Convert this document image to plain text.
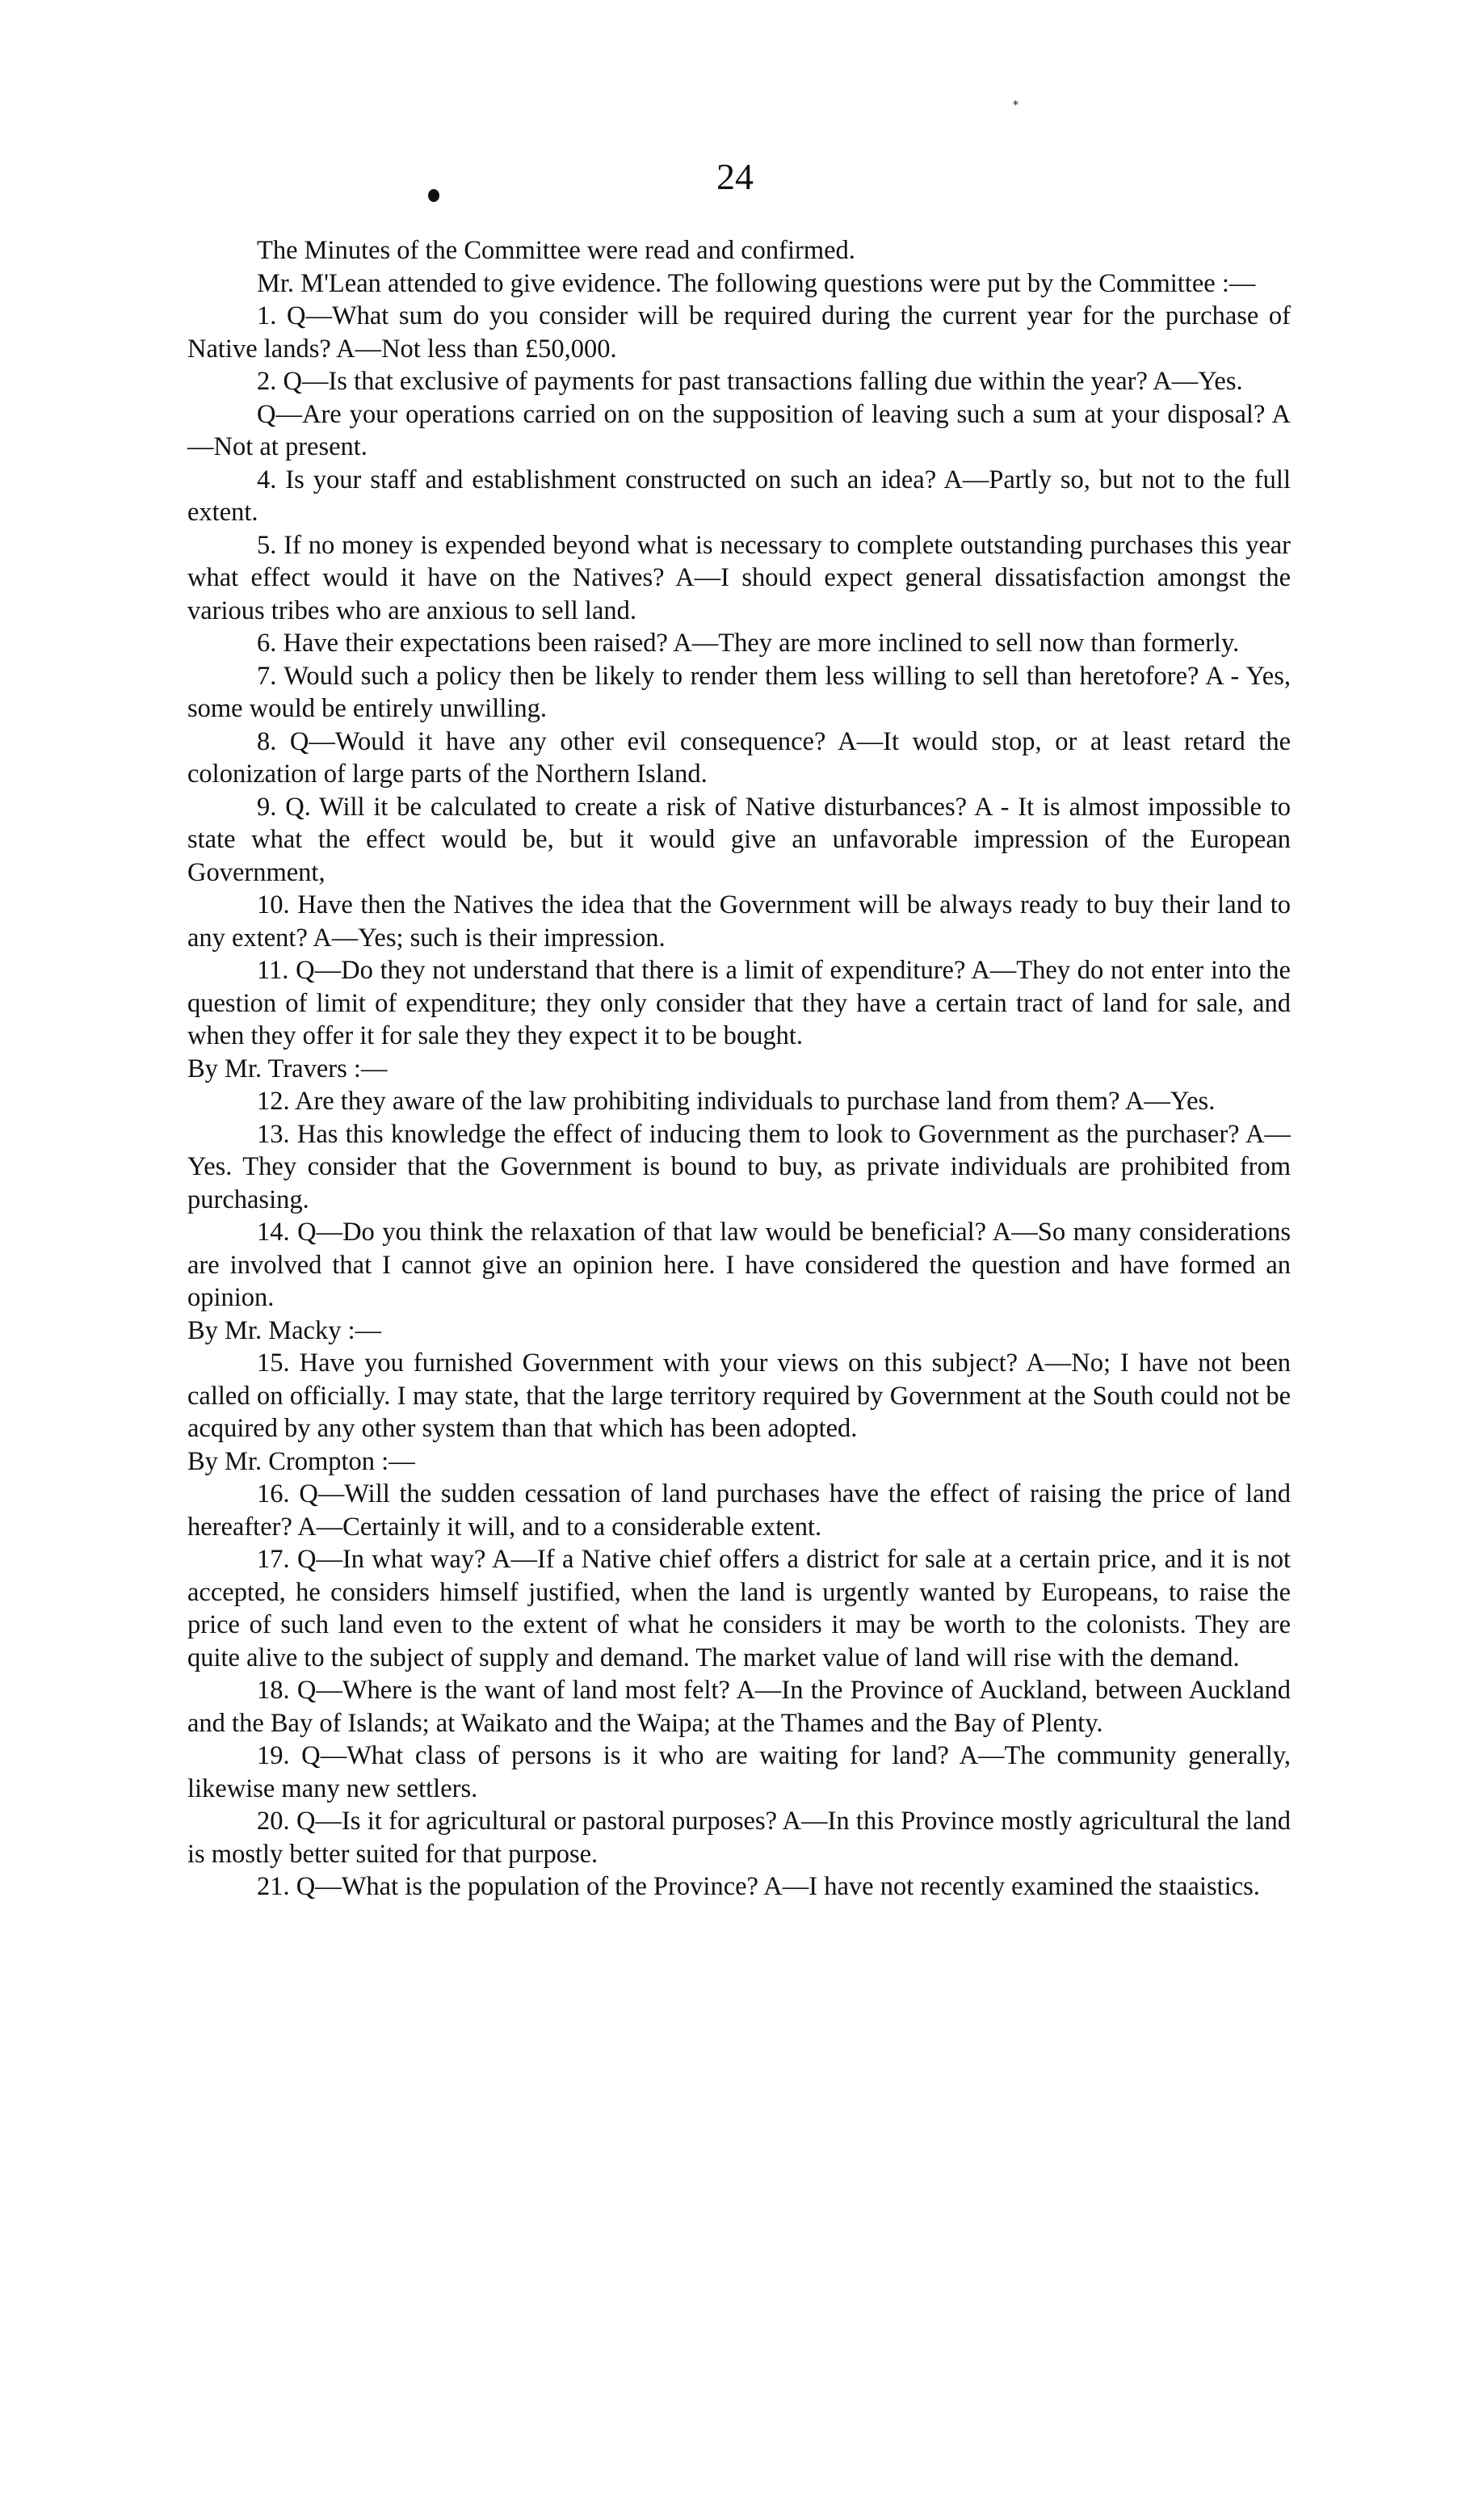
⁎
24

The Minutes of the Committee were read and confirmed.

Mr. M'Lean attended to give evidence. The following questions were put by the Committee :—

1. Q—What sum do you consider will be required during the current year for the purchase of Native lands? A—Not less than £50,000.

2. Q—Is that exclusive of payments for past transactions falling due within the year? A—Yes.

Q—Are your operations carried on on the supposition of leaving such a sum at your disposal? A—Not at present.

4. Is your staff and establishment constructed on such an idea? A—Partly so, but not to the full extent.

5. If no money is expended beyond what is necessary to complete outstanding purchases this year what effect would it have on the Natives? A—I should expect general dissatisfaction amongst the various tribes who are anxious to sell land.

6. Have their expectations been raised? A—They are more inclined to sell now than formerly.

7. Would such a policy then be likely to render them less willing to sell than heretofore? A - Yes, some would be entirely unwilling.

8. Q—Would it have any other evil consequence? A—It would stop, or at least retard the colonization of large parts of the Northern Island.

9. Q. Will it be calculated to create a risk of Native disturbances? A - It is almost impossible to state what the effect would be, but it would give an unfavorable impression of the European Government,

10. Have then the Natives the idea that the Government will be always ready to buy their land to any extent? A—Yes; such is their impression.

11. Q—Do they not understand that there is a limit of expenditure? A—They do not enter into the question of limit of expenditure; they only consider that they have a certain tract of land for sale, and when they offer it for sale they they expect it to be bought.

By Mr. Travers :—

12. Are they aware of the law prohibiting individuals to purchase land from them? A—Yes.

13. Has this knowledge the effect of inducing them to look to Government as the purchaser? A—Yes. They consider that the Government is bound to buy, as private individuals are prohibited from purchasing.

14. Q—Do you think the relaxation of that law would be beneficial? A—So many considerations are involved that I cannot give an opinion here. I have considered the question and have formed an opinion.

By Mr. Macky :—

15. Have you furnished Government with your views on this subject? A—No; I have not been called on officially. I may state, that the large territory required by Government at the South could not be acquired by any other system than that which has been adopted.

By Mr. Crompton :—

16. Q—Will the sudden cessation of land purchases have the effect of raising the price of land hereafter? A—Certainly it will, and to a considerable extent.

17. Q—In what way? A—If a Native chief offers a district for sale at a certain price, and it is not accepted, he considers himself justified, when the land is urgently wanted by Europeans, to raise the price of such land even to the extent of what he considers it may be worth to the colonists. They are quite alive to the subject of supply and demand. The market value of land will rise with the demand.

18. Q—Where is the want of land most felt? A—In the Province of Auckland, between Auckland and the Bay of Islands; at Waikato and the Waipa; at the Thames and the Bay of Plenty.

19. Q—What class of persons is it who are waiting for land? A—The community generally, likewise many new settlers.

20. Q—Is it for agricultural or pastoral purposes? A—In this Province mostly agricultural the land is mostly better suited for that purpose.

21. Q—What is the population of the Province? A—I have not recently examined the staaistics.
